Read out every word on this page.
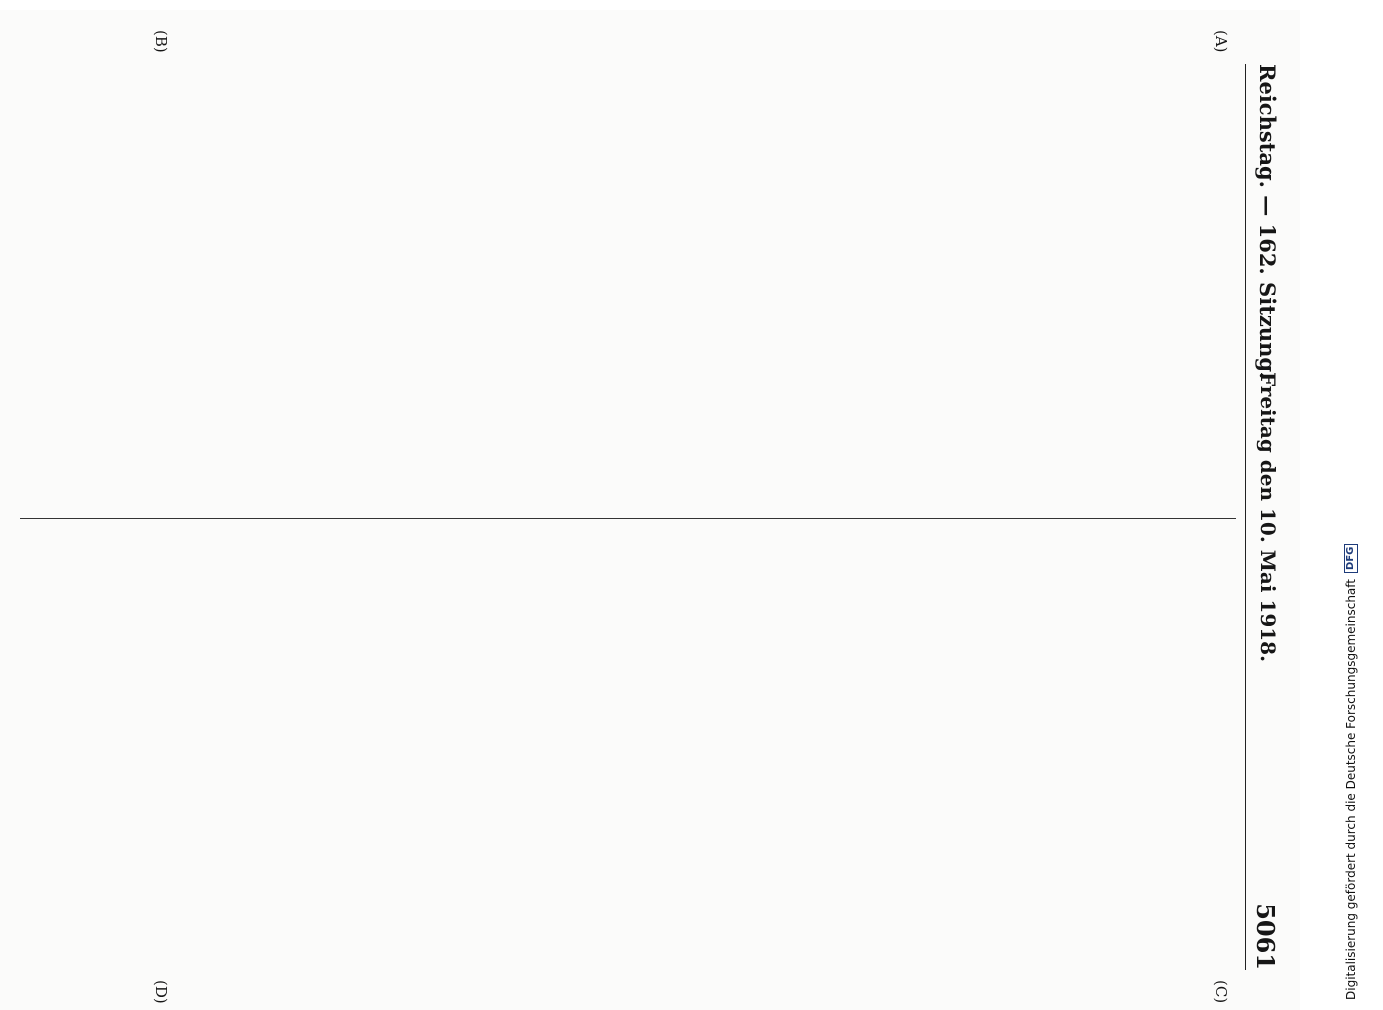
Reichstag. — 162. Sitzung.
Freitag den 10. Mai 1918.
5061
(A)
(B)
(C)
(D)	Digitalisierung gefördert durch die Deutsche Forschungsgemeinschaft
DFG
